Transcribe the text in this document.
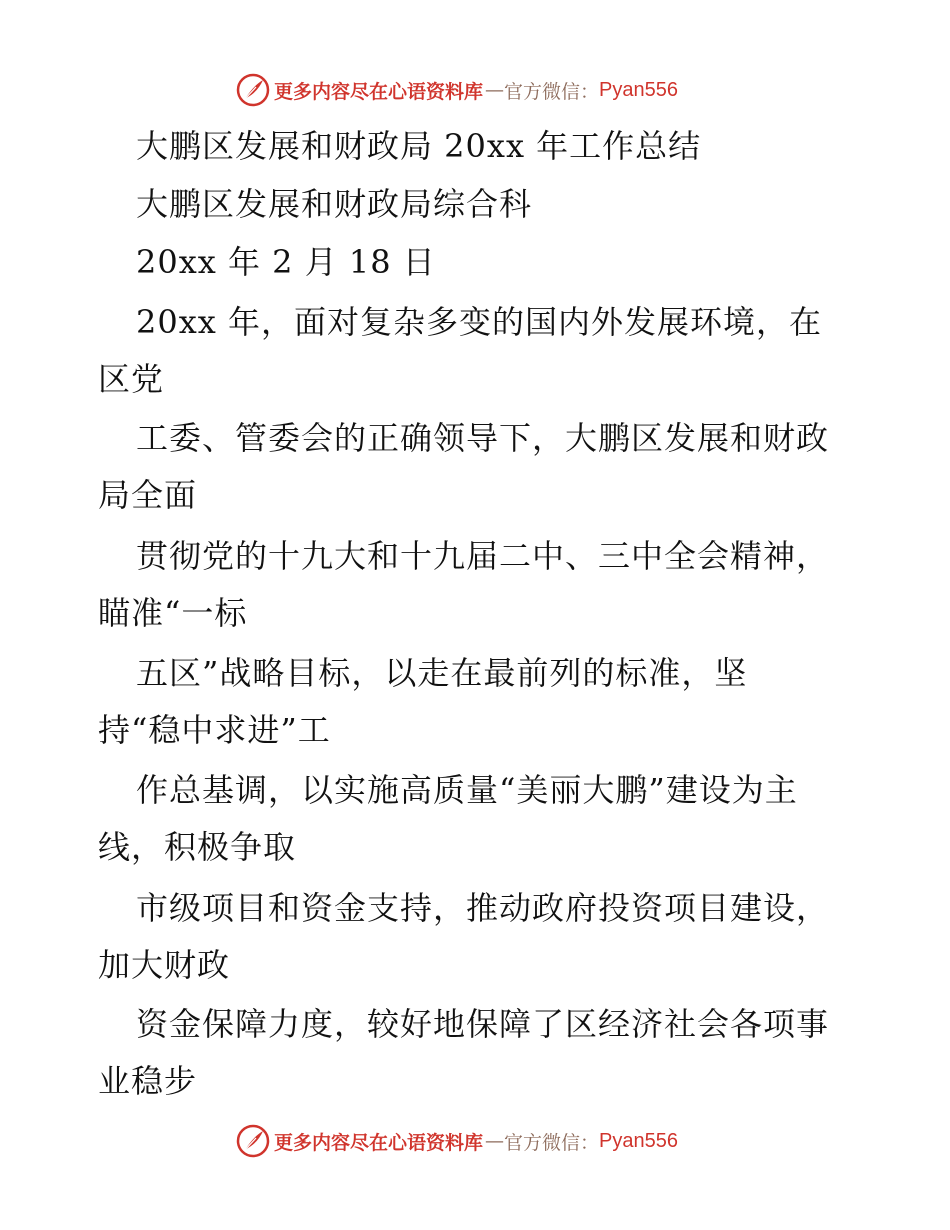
更多内容尽在心语资料库 — 官方微信： Pyan556
大鹏区发展和财政局 20xx 年工作总结
大鹏区发展和财政局综合科
20xx 年 2 月 18 日
20xx 年，面对复杂多变的国内外发展环境，在
区党
工委、管委会的正确领导下，大鹏区发展和财政
局全面
贯彻党的十九大和十九届二中、三中全会精神，
瞄准“一标
五区”战略目标，以走在最前列的标准，坚
持“稳中求进”工
作总基调，以实施高质量“美丽大鹏”建设为主
线，积极争取
市级项目和资金支持，推动政府投资项目建设，
加大财政
资金保障力度，较好地保障了区经济社会各项事
业稳步
更多内容尽在心语资料库 — 官方微信： Pyan556
